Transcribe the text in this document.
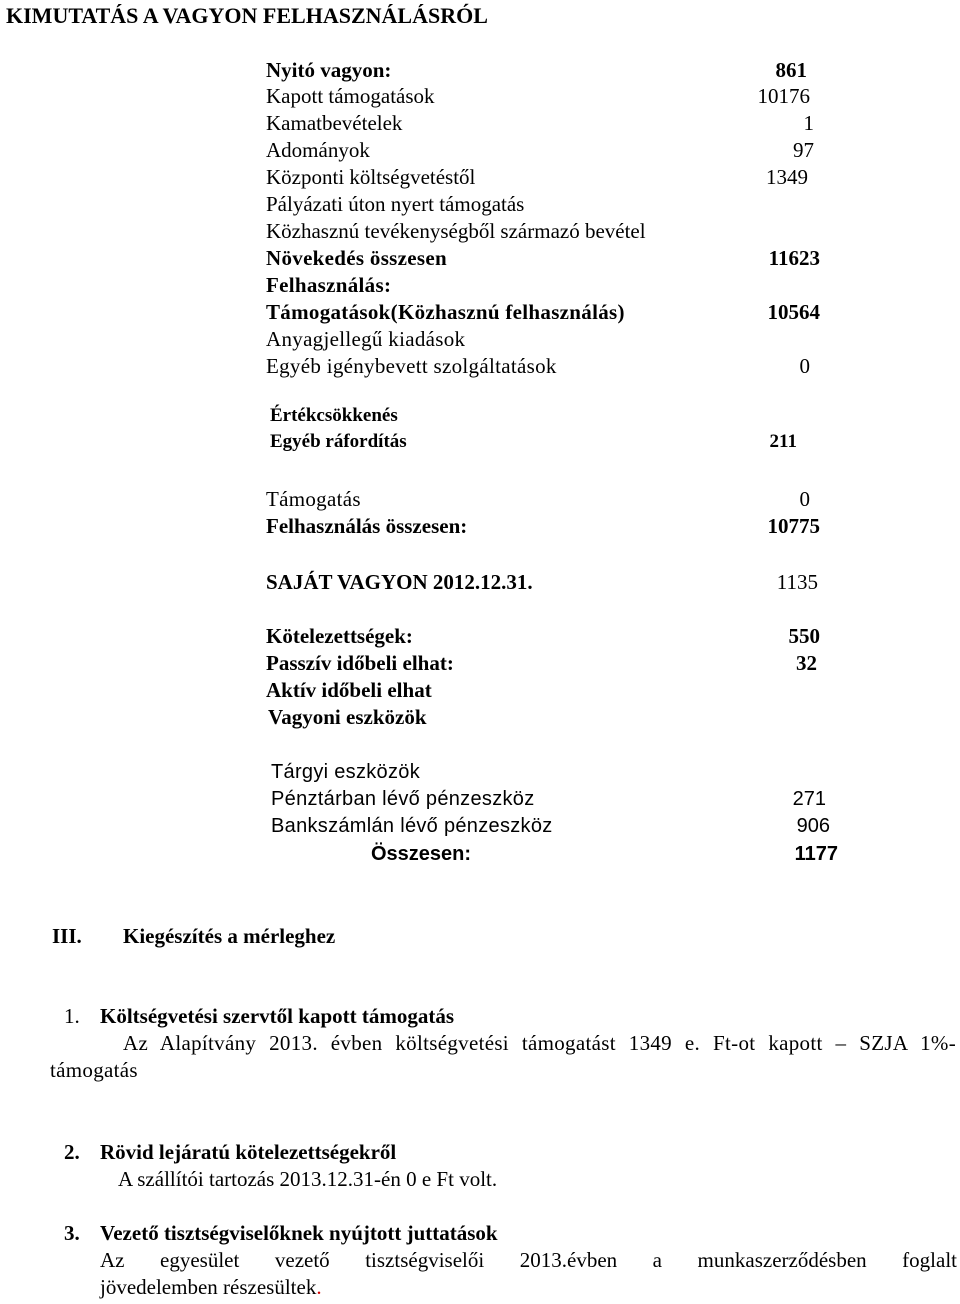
KIMUTATÁS A VAGYON FELHASZNÁLÁSRÓL
Nyitó vagyon:	861
Kapott támogatások	10176
Kamatbevételek	1
Adományok	97
Központi költségvetéstől	1349
Pályázati úton nyert támogatás
Közhasznú tevékenységből származó bevétel
Növekedés összesen	11623
Felhasználás:
Támogatások(Közhasznú felhasználás)	10564
Anyagjellegű kiadások
Egyéb igénybevett szolgáltatások	0
Értékcsökkenés
Egyéb ráfordítás	211
Támogatás	0
Felhasználás összesen:	10775
SAJÁT VAGYON 2012.12.31.	1135
Kötelezettségek:	550
Passzív időbeli elhat:	32
Aktív időbeli elhat
Vagyoni eszközök
Tárgyi eszközök
Pénztárban lévő pénzeszköz	271
Bankszámlán lévő pénzeszköz	906
Összesen:	1177
III. Kiegészítés a mérleghez
1. Költségvetési szervtől kapott támogatás
Az Alapítvány 2013. évben költségvetési támogatást 1349 e. Ft-ot kapott – SZJA 1%-
támogatás
2. Rövid lejáratú kötelezettségekről
A szállítói tartozás 2013.12.31-én 0 e Ft volt.
3. Vezető tisztségviselőknek nyújtott juttatások
Az egyesület vezető tisztségviselői 2013.évben a munkaszerződésben foglalt
jövedelemben részesültek.
